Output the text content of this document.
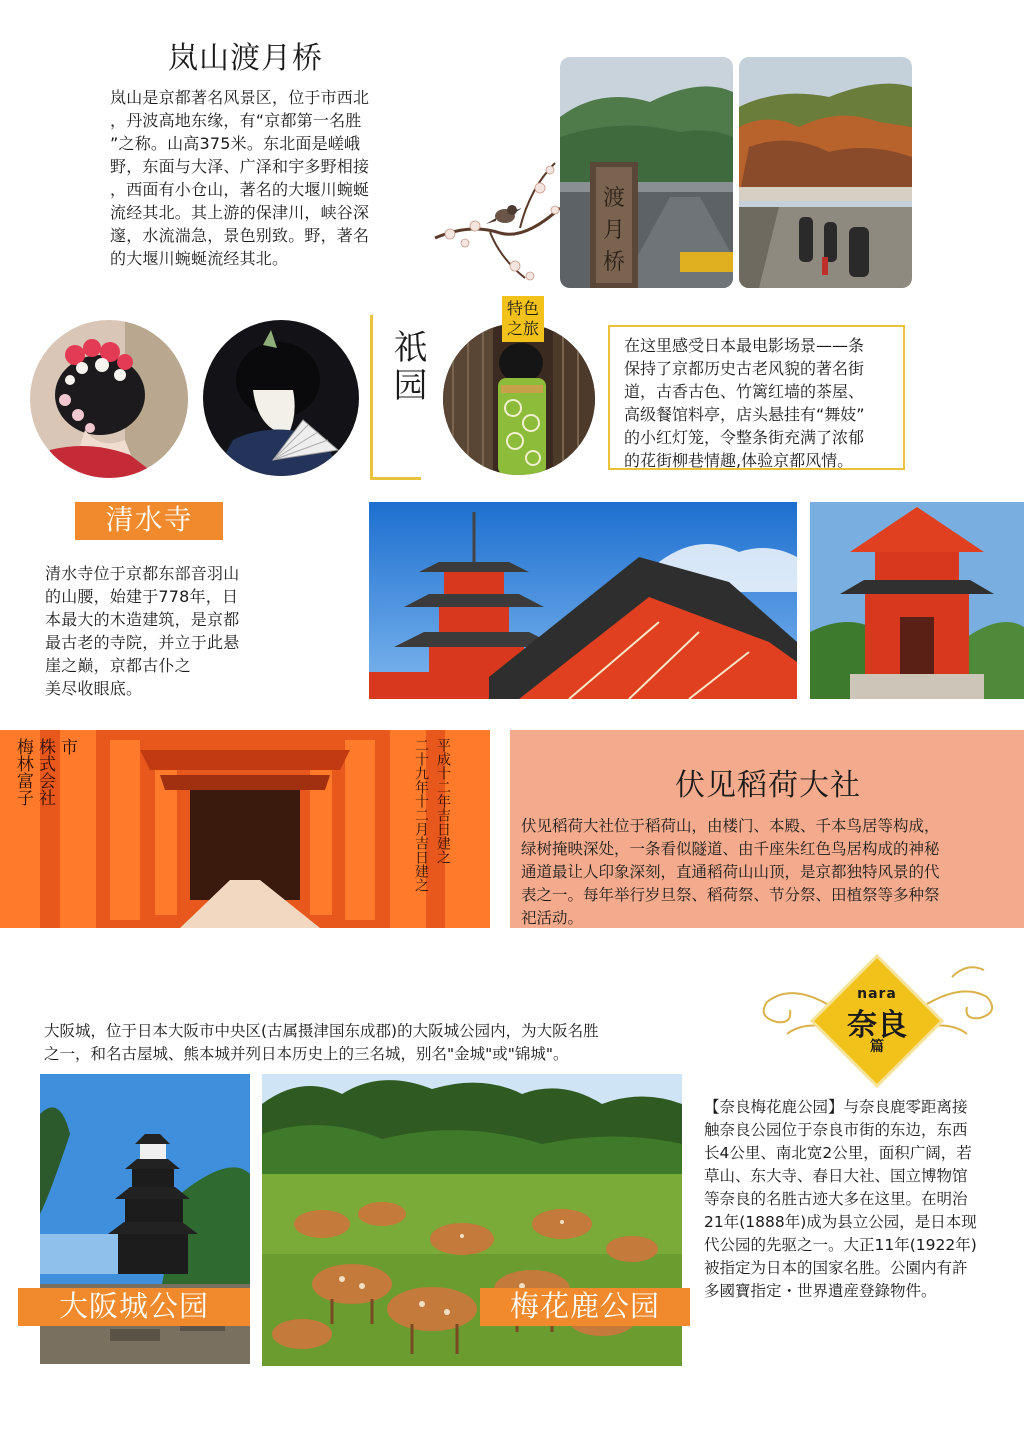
岚山渡月桥
岚山是京都著名风景区，位于市西北
，丹波高地东缘，有“京都第一名胜
”之称。山高375米。东北面是嵯峨
野，东面与大泽、广泽和宇多野相接
，西面有小仓山，著名的大堰川蜿蜒
流经其北。其上游的保津川，峡谷深
邃，水流湍急，景色别致。野，著名
的大堰川蜿蜒流经其北。
渡
月
桥
祇园
特色之旅
在这里感受日本最电影场景——条
保持了京都历史古老风貌的著名街
道，古香古色、竹篱红墙的茶屋、
高级餐馆料亭，店头悬挂有“舞妓”
的小红灯笼，令整条街充满了浓郁
的花街柳巷情趣,体验京都风情。
清水寺
清水寺位于京都东部音羽山
的山腰，始建于778年，日
本最大的木造建筑，是京都
最古老的寺院，并立于此悬
崖之巅，京都古仆之
美尽收眼底。
市
株式会社
梅林富子	平成十二年吉日建之
二十九年十二月吉日建之	伏见稻荷大社
伏见稻荷大社位于稻荷山，由楼门、本殿、千本鸟居等构成，
绿树掩映深处，一条看似隧道、由千座朱红色鸟居构成的神秘
通道最让人印象深刻，直通稻荷山山顶，是京都独特风景的代
表之一。每年举行岁旦祭、稻荷祭、节分祭、田植祭等多种祭
祀活动。
大阪城，位于日本大阪市中央区(古属摄津国东成郡)的大阪城公园内，为大阪名胜
之一，和名古屋城、熊本城并列日本历史上的三名城，别名"金城"或"锦城"。
nara
奈良
篇
大阪城公园	梅花鹿公园
【奈良梅花鹿公园】与奈良鹿零距离接
触奈良公园位于奈良市街的东边，东西
长4公里、南北宽2公里，面积广阔，若
草山、东大寺、春日大社、国立博物馆
等奈良的名胜古迹大多在这里。在明治
21年(1888年)成为县立公园，是日本现
代公园的先驱之一。大正11年(1922年)
被指定为日本的国家名胜。公園内有許
多國寶指定・世界遺産登錄物件。
